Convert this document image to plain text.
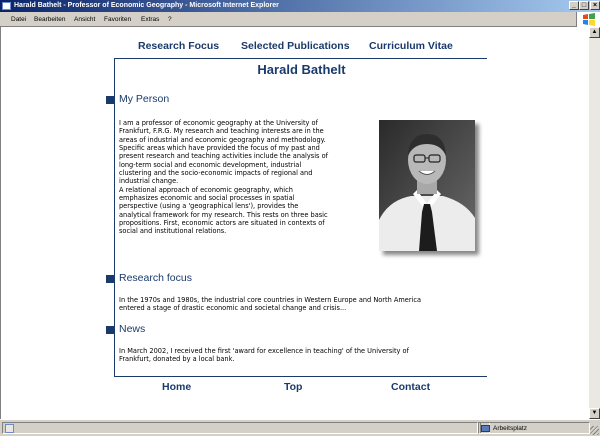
Harald Bathelt - Professor of Economic Geography - Microsoft Internet Explorer	_ □ ×
Datei Bearbeiten Ansicht Favoriten Extras ?
Research Focus Selected Publications Curriculum Vitae
Harald Bathelt
My Person
I am a professor of economic geography at the University of
Frankfurt, F.R.G. My research and teaching interests are in the
areas of industrial and economic geography and methodology.
Specific areas which have provided the focus of my past and
present research and teaching activities include the analysis of
long-term social and economic development, industrial
clustering and the socio-economic impacts of regional and
industrial change.
A relational approach of economic geography, which
emphasizes economic and social processes in spatial
perspective (using a 'geographical lens'), provides the
analytical framework for my research. This rests on three basic
propositions. First, economic actors are situated in contexts of
social and institutional relations.
Research focus
In the 1970s and 1980s, the industrial core countries in Western Europe and North America
entered a stage of drastic economic and societal change and crisis...
News
In March 2002, I received the first 'award for excellence in teaching' of the University of
Frankfurt, donated by a local bank.
Home	Top	Contact
▲
▼
Arbeitsplatz
